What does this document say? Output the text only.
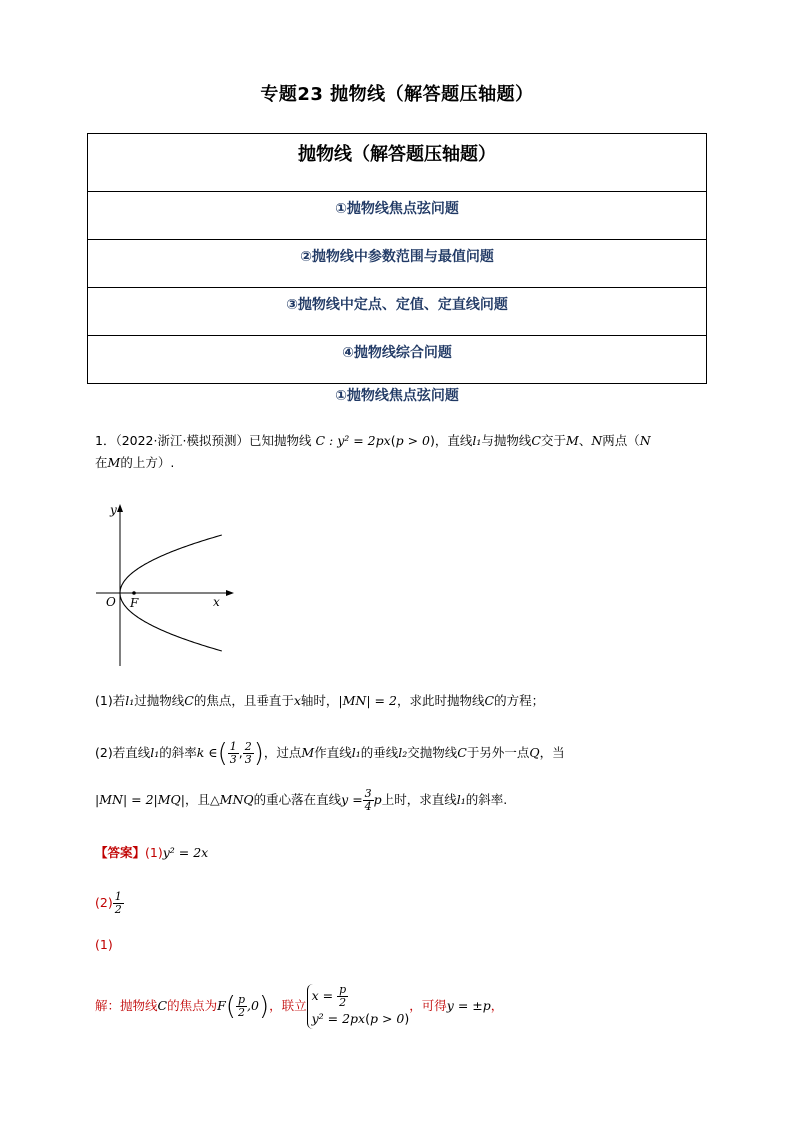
专题23 抛物线（解答题压轴题）
抛物线（解答题压轴题）
①抛物线焦点弦问题
②抛物线中参数范围与最值问题
③抛物线中定点、定值、定直线问题
④抛物线综合问题
①抛物线焦点弦问题
1．（2022·浙江·模拟预测）已知抛物线 C : y² = 2px(p > 0)，直线l₁与抛物线C交于M、N两点（N
在M的上方）.
y
x
O F
(1)若l₁过抛物线C的焦点，且垂直于x轴时，|MN| = 2，求此时抛物线C的方程；
(2)若直线l₁的斜率k ∈( $\frac{1}{3}$ , $\frac{2}{3}$ )，过点M作直线l₁的垂线l₂交抛物线C于另外一点Q，当
|MN| = 2|MQ|，且△MNQ的重心落在直线$y = \frac{3}{4}$ p上时，求直线l₁的斜率.
【答案】(1)y² = 2x
$(2) \frac{1}{2}$
(1)
解：抛物线C的焦点为$F( \frac{p}{2} ,0)$，联立
$x = \frac{p}{2}$
y² = 2px(p > 0)
，可得y = ±p，
